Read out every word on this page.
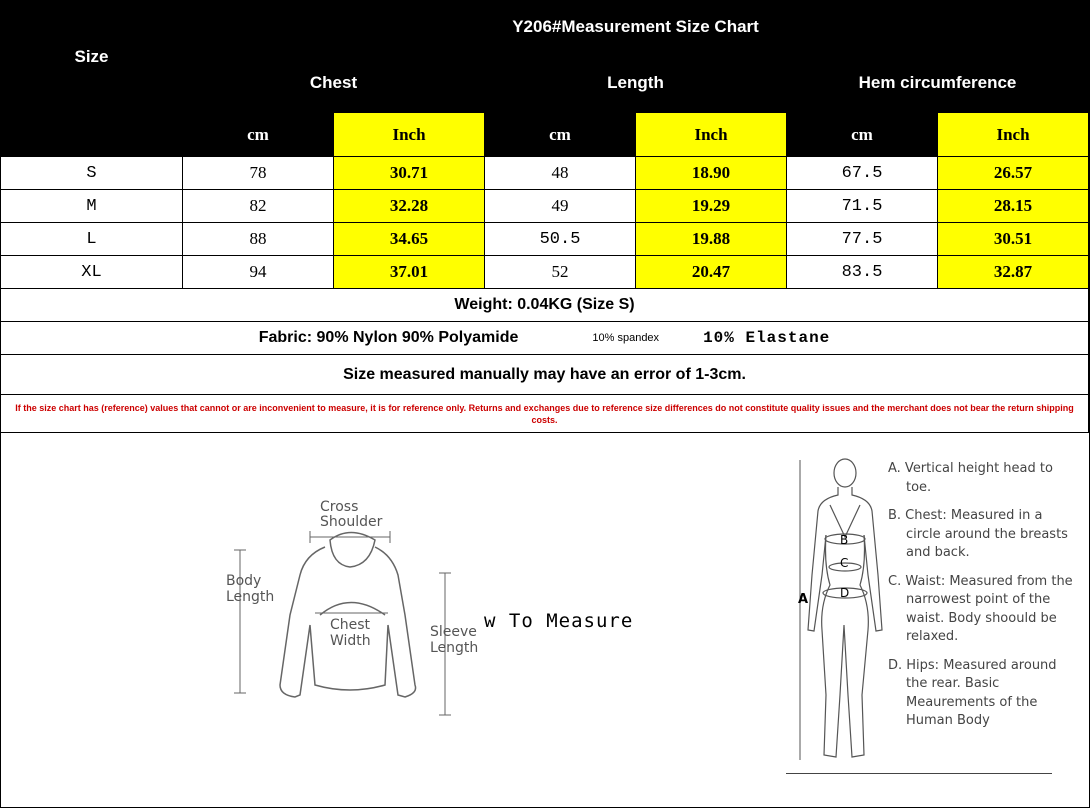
Size	Y206#Measurement Size Chart					
	Chest		Length		Hem circumference	
	cm	Inch	cm	Inch	cm	Inch
S	78	30.71	48	18.90	67.5	26.57
M	82	32.28	49	19.29	71.5	28.15
L	88	34.65	50.5	19.88	77.5	30.51
XL	94	37.01	52	20.47	83.5	32.87
Weight: 0.04KG (Size S)						
Fabric: 90% Nylon 90% Polyamide 10% spandex 10% Elastane						
Size measured manually may have an error of 1-3cm.						
If the size chart has (reference) values that cannot or are inconvenient to measure, it is for reference only. Returns and exchanges due to reference size differences do not constitute quality issues and the merchant does not bear the return shipping costs.						
Cross
Shoulder
Body
Length
Chest
Width
Sleeve
Length
w To Measure
A
B
C
D
A. Vertical height head to toe.
B. Chest: Measured in a circle around the breasts and back.
C. Waist: Measured from the narrowest point of the waist. Body shoould be relaxed.
D. Hips: Measured around the rear. Basic Meaurements of the Human Body
